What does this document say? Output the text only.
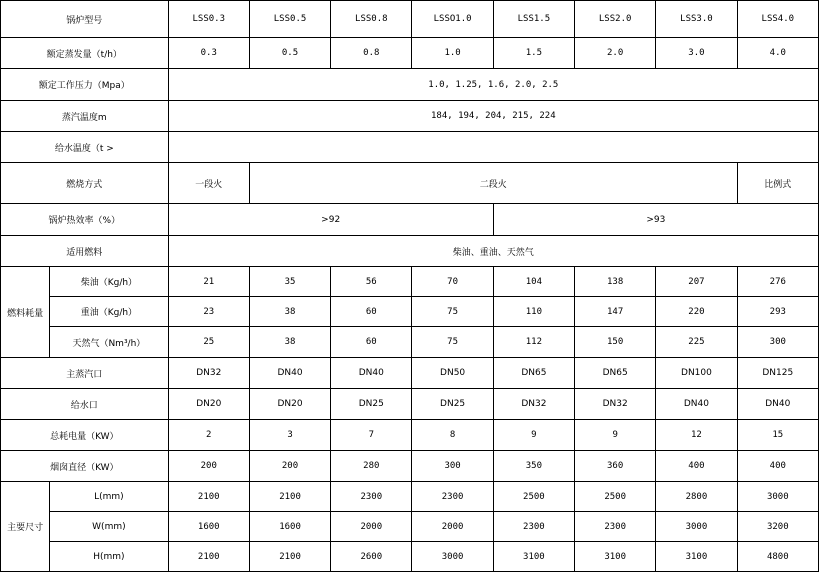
锅炉型号		LSS0.3	LSS0.5	LSS0.8	LSSO1.0	LSS1.5	LSS2.0	LSS3.0	LSS4.0
额定蒸发量（t/h）		0.3	0.5	0.8	1.0	1.5	2.0	3.0	4.0
额定工作压力（Mpa）		1.0, 1.25, 1.6, 2.0, 2.5							
蒸汽温度m		184, 194, 204, 215, 224							
给水温度（t >									
燃烧方式		一段火	二段火						比例式
锅炉热效率（%）		>92				>93			
适用燃料		柴油、重油、天然气							
燃料耗量	柴油（Kg/h）	21	35	56	70	104	138	207	276
	重油（Kg/h）	23	38	60	75	110	147	220	293
	天然气（Nm³/h）	25	38	60	75	112	150	225	300
主蒸汽口		DN32	DN40	DN40	DN50	DN65	DN65	DN100	DN125
给水口		DN20	DN20	DN25	DN25	DN32	DN32	DN40	DN40
总耗电量（KW）		2	3	7	8	9	9	12	15
烟囱直径（KW）		200	200	280	300	350	360	400	400
主要尺寸	L(mm)	2100	2100	2300	2300	2500	2500	2800	3000
	W(mm)	1600	1600	2000	2000	2300	2300	3000	3200
	H(mm)	2100	2100	2600	3000	3100	3100	3100	4800
